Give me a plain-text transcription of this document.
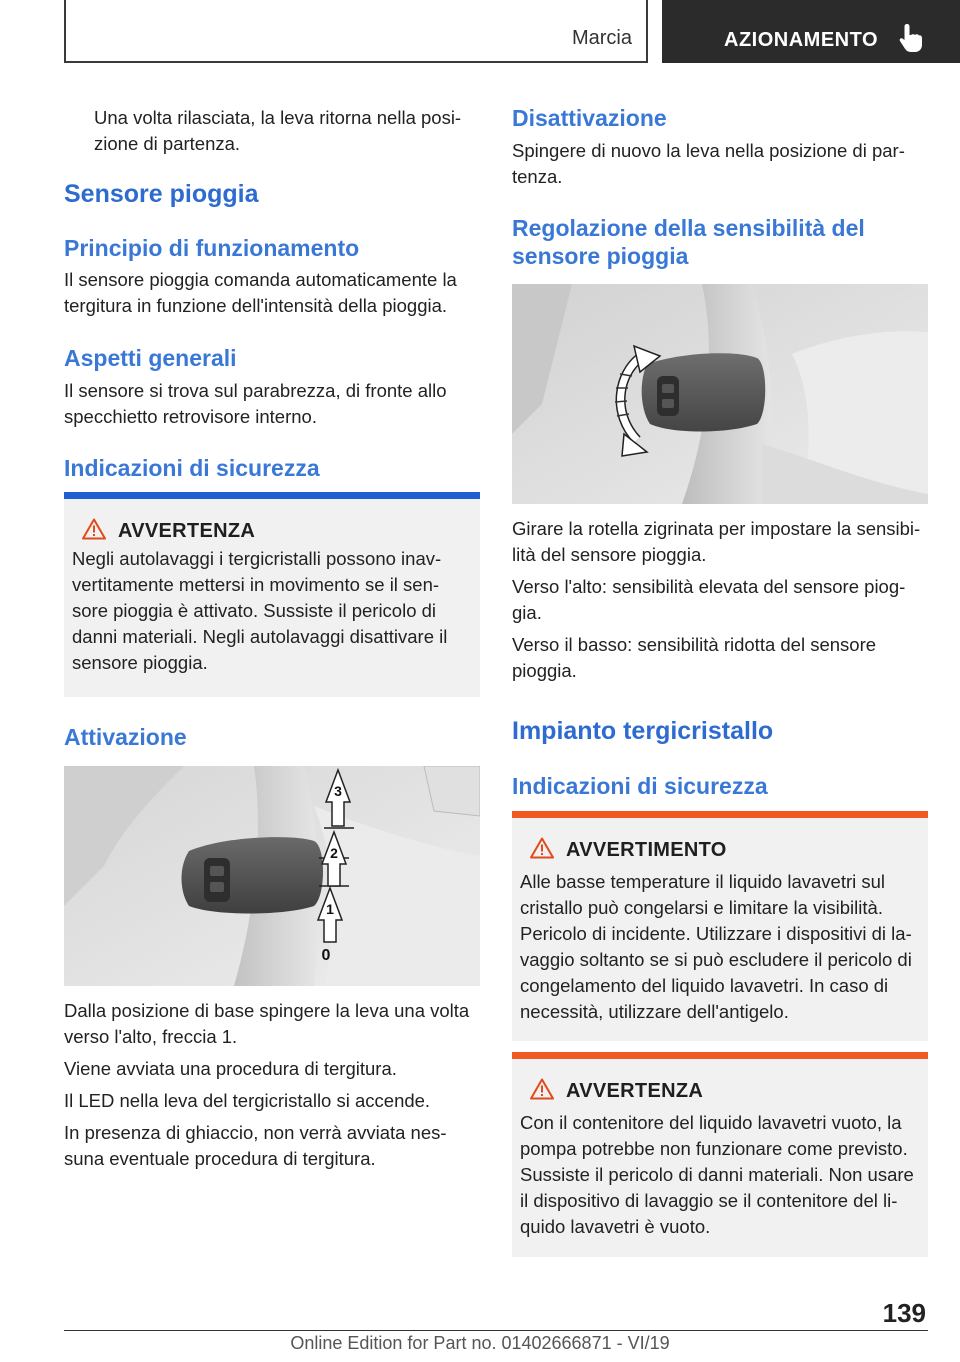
Marcia	AZIONAMENTO
Una volta rilasciata, la leva ritorna nella posi-
zione di partenza.
Sensore pioggia
Principio di funzionamento
Il sensore pioggia comanda automaticamente la
tergitura in funzione dell'intensità della pioggia.
Aspetti generali
Il sensore si trova sul parabrezza, di fronte allo
specchietto retrovisore interno.
Indicazioni di sicurezza
AVVERTENZA
Negli autolavaggi i tergicristalli possono inav-
vertitamente mettersi in movimento se il sen-
sore pioggia è attivato. Sussiste il pericolo di
danni materiali. Negli autolavaggi disattivare il
sensore pioggia.
Attivazione
3
2
1
0
Dalla posizione di base spingere la leva una volta
verso l'alto, freccia 1.
Viene avviata una procedura di tergitura.
Il LED nella leva del tergicristallo si accende.
In presenza di ghiaccio, non verrà avviata nes-
suna eventuale procedura di tergitura.
Disattivazione
Spingere di nuovo la leva nella posizione di par-
tenza.
Regolazione della sensibilità del
sensore pioggia
Girare la rotella zigrinata per impostare la sensibi-
lità del sensore pioggia.
Verso l'alto: sensibilità elevata del sensore piog-
gia.
Verso il basso: sensibilità ridotta del sensore
pioggia.
Impianto tergicristallo
Indicazioni di sicurezza
AVVERTIMENTO
Alle basse temperature il liquido lavavetri sul
cristallo può congelarsi e limitare la visibilità.
Pericolo di incidente. Utilizzare i dispositivi di la-
vaggio soltanto se si può escludere il pericolo di
congelamento del liquido lavavetri. In caso di
necessità, utilizzare dell'antigelo.
AVVERTENZA
Con il contenitore del liquido lavavetri vuoto, la
pompa potrebbe non funzionare come previsto.
Sussiste il pericolo di danni materiali. Non usare
il dispositivo di lavaggio se il contenitore del li-
quido lavavetri è vuoto.
139
Online Edition for Part no. 01402666871 - VI/19
